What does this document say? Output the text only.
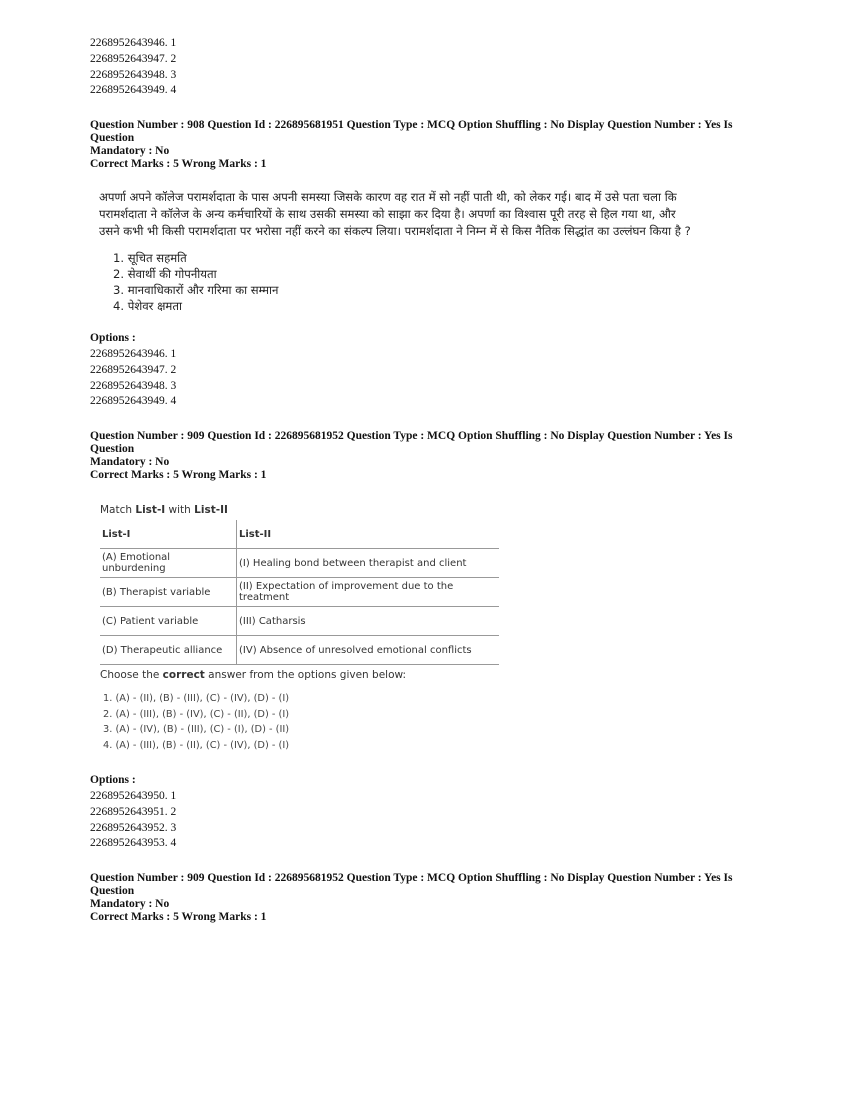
2268952643946. 1
2268952643947. 2
2268952643948. 3
2268952643949. 4

Question Number : 908 Question Id : 226895681951 Question Type : MCQ Option Shuffling : No Display Question Number : Yes Is Question

Mandatory : No

Correct Marks : 5 Wrong Marks : 1

अपर्णा अपने कॉलेज परामर्शदाता के पास अपनी समस्या जिसके कारण वह रात में सो नहीं पाती थी, को लेकर गई। बाद में उसे पता चला कि परामर्शदाता ने कॉलेज के अन्य कर्मचारियों के साथ उसकी समस्या को साझा कर दिया है। अपर्णा का विश्वास पूरी तरह से हिल गया था, और उसने कभी भी किसी परामर्शदाता पर भरोसा नहीं करने का संकल्प लिया। परामर्शदाता ने निम्न में से किस नैतिक सिद्धांत का उल्लंघन किया है ?
1. सूचित सहमति
2. सेवार्थी की गोपनीयता
3. मानवाधिकारों और गरिमा का सम्मान
4. पेशेवर क्षमता

Options :

2268952643946. 1
2268952643947. 2
2268952643948. 3
2268952643949. 4

Question Number : 909 Question Id : 226895681952 Question Type : MCQ Option Shuffling : No Display Question Number : Yes Is Question

Mandatory : No

Correct Marks : 5 Wrong Marks : 1

Match List-I with List-II
List-I	List-II
(A) Emotional unburdening	(I) Healing bond between therapist and client
(B) Therapist variable	(II) Expectation of improvement due to the treatment
(C) Patient variable	(III) Catharsis
(D) Therapeutic alliance	(IV) Absence of unresolved emotional conflicts
Choose the correct answer from the options given below:
1. (A) - (II), (B) - (III), (C) - (IV), (D) - (I)
2. (A) - (III), (B) - (IV), (C) - (II), (D) - (I)
3. (A) - (IV), (B) - (III), (C) - (I), (D) - (II)
4. (A) - (III), (B) - (II), (C) - (IV), (D) - (I)

Options :

2268952643950. 1
2268952643951. 2
2268952643952. 3
2268952643953. 4

Question Number : 909 Question Id : 226895681952 Question Type : MCQ Option Shuffling : No Display Question Number : Yes Is Question

Mandatory : No

Correct Marks : 5 Wrong Marks : 1
